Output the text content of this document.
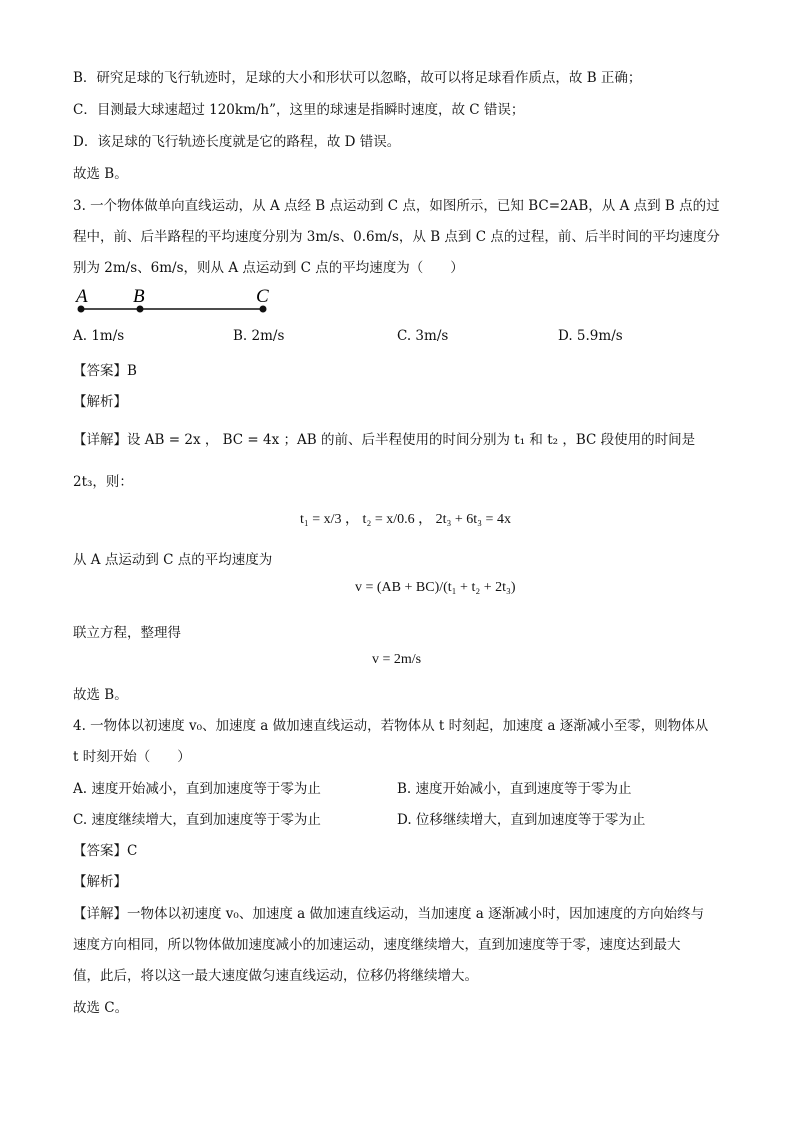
B．研究足球的飞行轨迹时，足球的大小和形状可以忽略，故可以将足球看作质点，故 B 正确；
C．目测最大球速超过 120km/h”，这里的球速是指瞬时速度，故 C 错误；
D．该足球的飞行轨迹长度就是它的路程，故 D 错误。
故选 B。
3. 一个物体做单向直线运动，从 A 点经 B 点运动到 C 点，如图所示，已知 BC=2AB，从 A 点到 B 点的过
程中，前、后半路程的平均速度分别为 3m/s、0.6m/s，从 B 点到 C 点的过程，前、后半时间的平均速度分
别为 2m/s、6m/s，则从 A 点运动到 C 点的平均速度为（　　）
A B	C
A. 1m/s	B. 2m/s	C. 3m/s	D. 5.9m/s
【答案】B
【解析】
【详解】设 AB = 2x ， BC = 4x ；AB 的前、后半程使用的时间分别为 t₁ 和 t₂ ，BC 段使用的时间是
2t₃，则：
t₁ = x/3 ， t₂ = x/0.6 ， 2t₃ + 6t₃ = 4x
从 A 点运动到 C 点的平均速度为
v = (AB + BC)/(t₁ + t₂ + 2t₃)
联立方程，整理得
v = 2m/s
故选 B。
4. 一物体以初速度 v₀、加速度 a 做加速直线运动，若物体从 t 时刻起，加速度 a 逐渐减小至零，则物体从
t 时刻开始（　　）
A. 速度开始减小，直到加速度等于零为止	B. 速度开始减小，直到速度等于零为止
C. 速度继续增大，直到加速度等于零为止	D. 位移继续增大，直到加速度等于零为止
【答案】C
【解析】
【详解】一物体以初速度 v₀、加速度 a 做加速直线运动，当加速度 a 逐渐减小时，因加速度的方向始终与
速度方向相同，所以物体做加速度减小的加速运动，速度继续增大，直到加速度等于零，速度达到最大
值，此后，将以这一最大速度做匀速直线运动，位移仍将继续增大。
故选 C。
